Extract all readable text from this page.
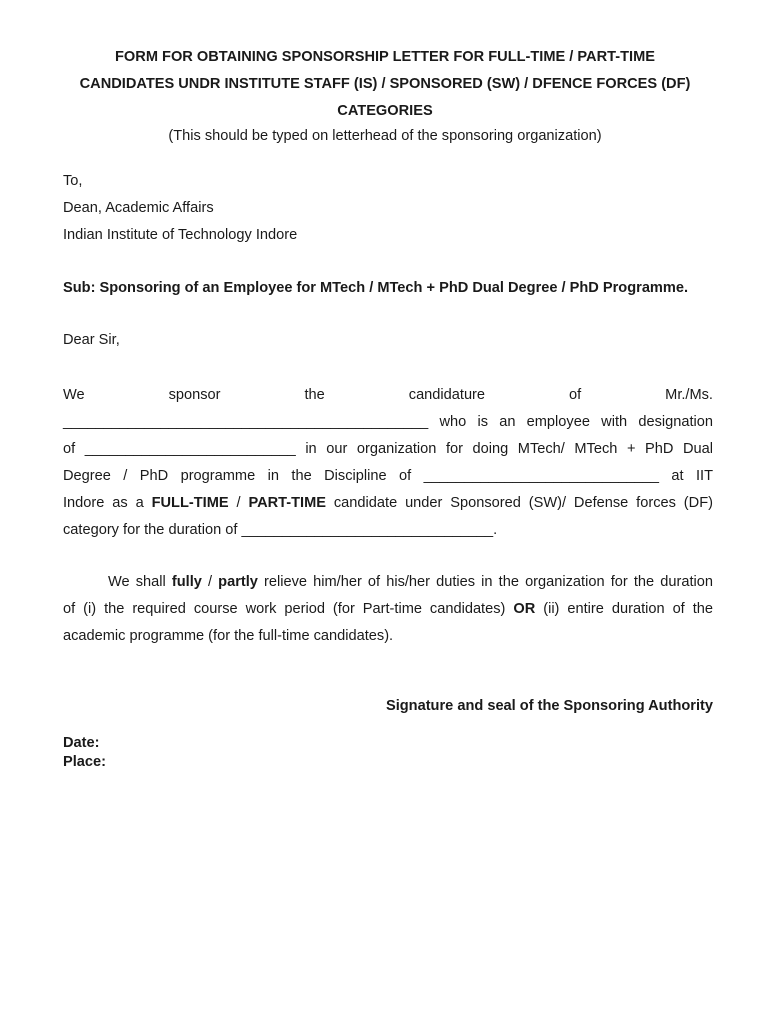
FORM FOR OBTAINING SPONSORSHIP LETTER FOR FULL-TIME / PART-TIME
CANDIDATES UNDR INSTITUTE STAFF (IS) / SPONSORED (SW) / DFENCE FORCES (DF)
CATEGORIES
(This should be typed on letterhead of the sponsoring organization)
To,
Dean, Academic Affairs
Indian Institute of Technology Indore
Sub: Sponsoring of an Employee for MTech / MTech + PhD Dual Degree / PhD Programme.
Dear Sir,
We	sponsor	the	candidature	of	Mr./Ms.
_____________________________________________ who is an employee with designation
of __________________________ in our organization for doing MTech/ MTech + PhD Dual
Degree / PhD programme in the Discipline of _____________________________ at IIT
Indore as a FULL-TIME / PART-TIME candidate under Sponsored (SW)/ Defense forces (DF)
category for the duration of _______________________________.
We shall fully / partly relieve him/her of his/her duties in the organization for the duration
of (i) the required course work period (for Part-time candidates) OR (ii) entire duration of the
academic programme (for the full-time candidates).
Signature and seal of the Sponsoring Authority
Date:
Place:
